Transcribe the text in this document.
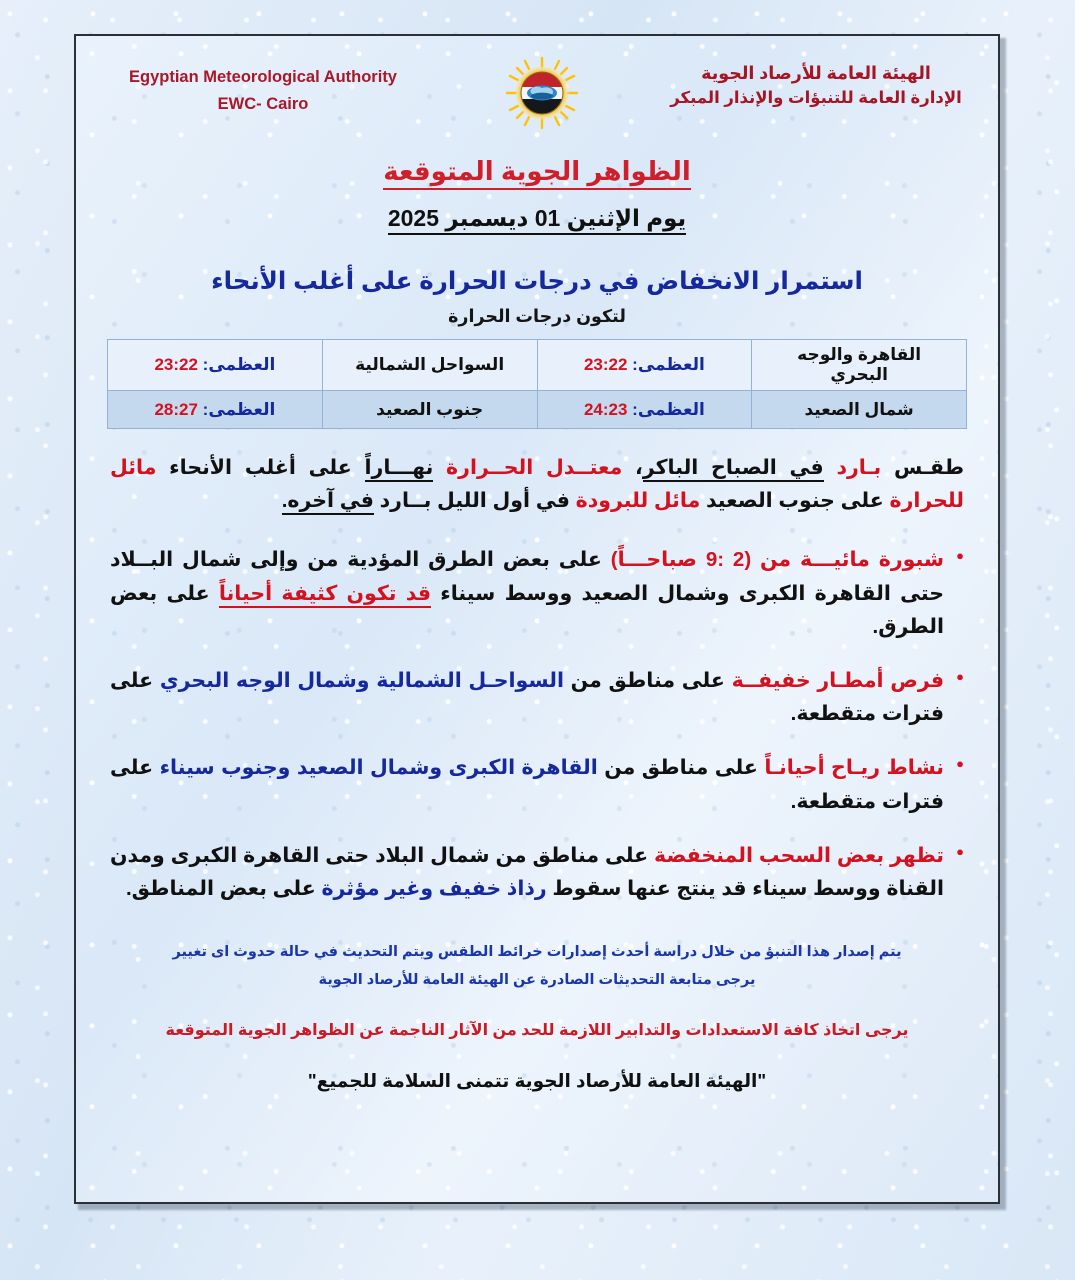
الهيئة العامة للأرصاد الجوية
الإدارة العامة للتنبؤات والإنذار المبكر
Egyptian Meteorological Authority
EWC- Cairo
الظواهر الجوية المتوقعة
يوم الإثنين 01 ديسمبر 2025
استمرار الانخفاض في درجات الحرارة على أغلب الأنحاء
لتكون درجات الحرارة
القاهرة والوجه البحري	العظمى: 23:22	السواحل الشمالية	العظمى: 23:22
شمال الصعيد	العظمى: 24:23	جنوب الصعيد	العظمى: 28:27
طقـس بـارد في الصباح الباكر، معتــدل الحــرارة نهـــاراً على أغلب الأنحاء مائل للحرارة على جنوب الصعيد مائل للبرودة في أول الليل بــارد في آخره.
● شبورة مائيـــة من (2 :9 صباحـــاً) على بعض الطرق المؤدية من وإلى شمال البــلاد حتى القاهرة الكبرى وشمال الصعيد ووسط سيناء قد تكون كثيفة أحياناً على بعض الطرق.
● فرص أمطـار خفيفــة على مناطق من السواحـل الشمالية وشمال الوجه البحري على فترات متقطعة.
● نشاط ريـاح أحيانـاً على مناطق من القاهرة الكبرى وشمال الصعيد وجنوب سيناء على فترات متقطعة.
● تظهر بعض السحب المنخفضة على مناطق من شمال البلاد حتى القاهرة الكبرى ومدن القناة ووسط سيناء قد ينتج عنها سقوط رذاذ خفيف وغير مؤثرة على بعض المناطق.
يتم إصدار هذا التنبؤ من خلال دراسة أحدث إصدارات خرائط الطقس ويتم التحديث في حالة حدوث اى تغيير
يرجى متابعة التحديثات الصادرة عن الهيئة العامة للأرصاد الجوية
يرجى اتخاذ كافة الاستعدادات والتدابير اللازمة للحد من الآثار الناجمة عن الظواهر الجوية المتوقعة
"الهيئة العامة للأرصاد الجوية تتمنى السلامة للجميع"
